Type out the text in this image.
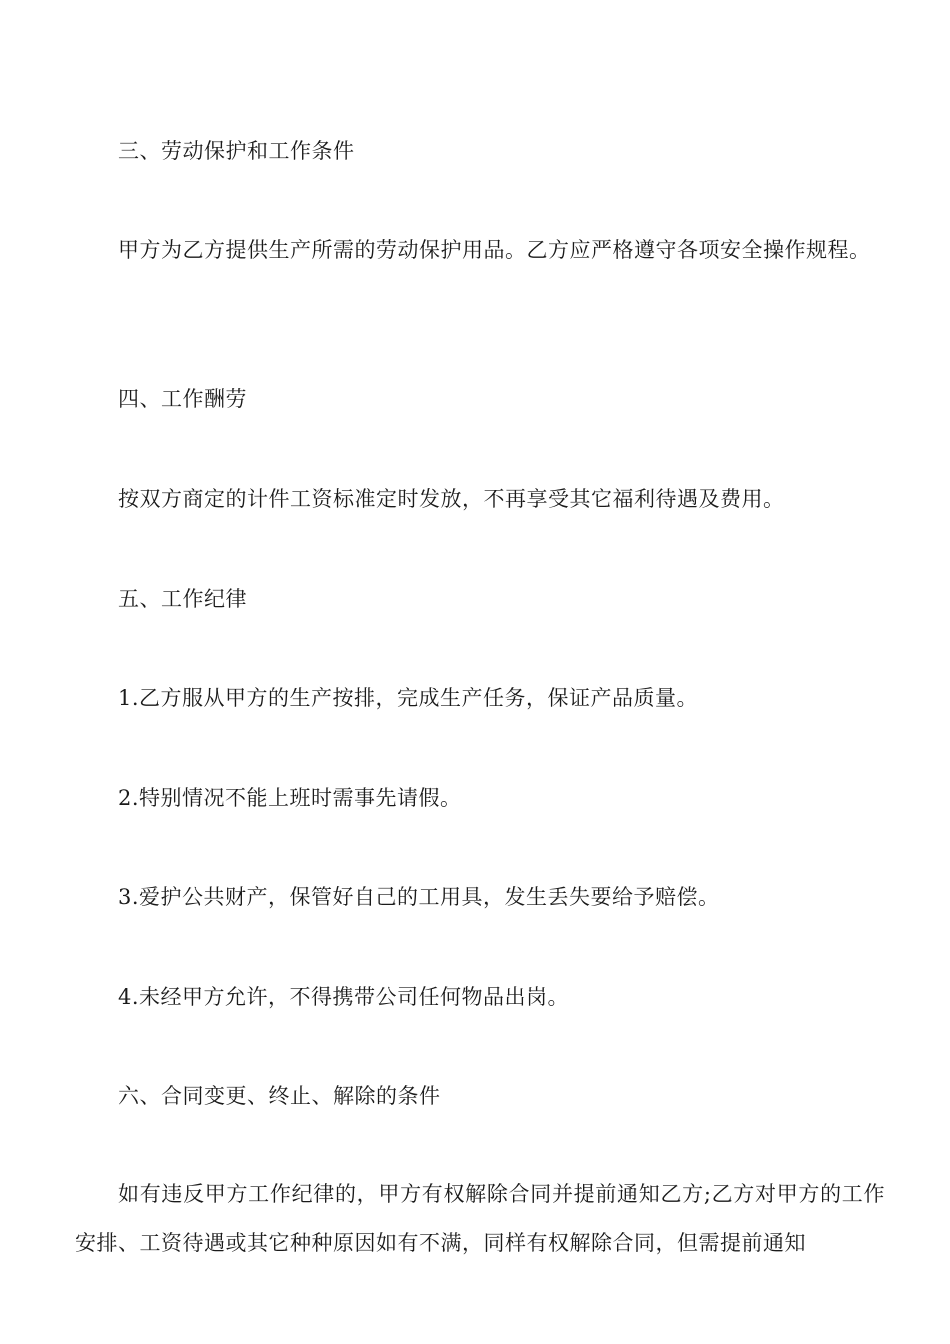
三、劳动保护和工作条件
甲方为乙方提供生产所需的劳动保护用品。乙方应严格遵守各项安全操作规程。
四、工作酬劳
按双方商定的计件工资标准定时发放，不再享受其它福利待遇及费用。
五、工作纪律
1.乙方服从甲方的生产按排，完成生产任务，保证产品质量。
2.特别情况不能上班时需事先请假。
3.爱护公共财产，保管好自己的工用具，发生丢失要给予赔偿。
4.未经甲方允许，不得携带公司任何物品出岗。
六、合同变更、终止、解除的条件
如有违反甲方工作纪律的，甲方有权解除合同并提前通知乙方;乙方对甲方的工作安排、工资待遇或其它种种原因如有不满，同样有权解除合同，但需提前通知
